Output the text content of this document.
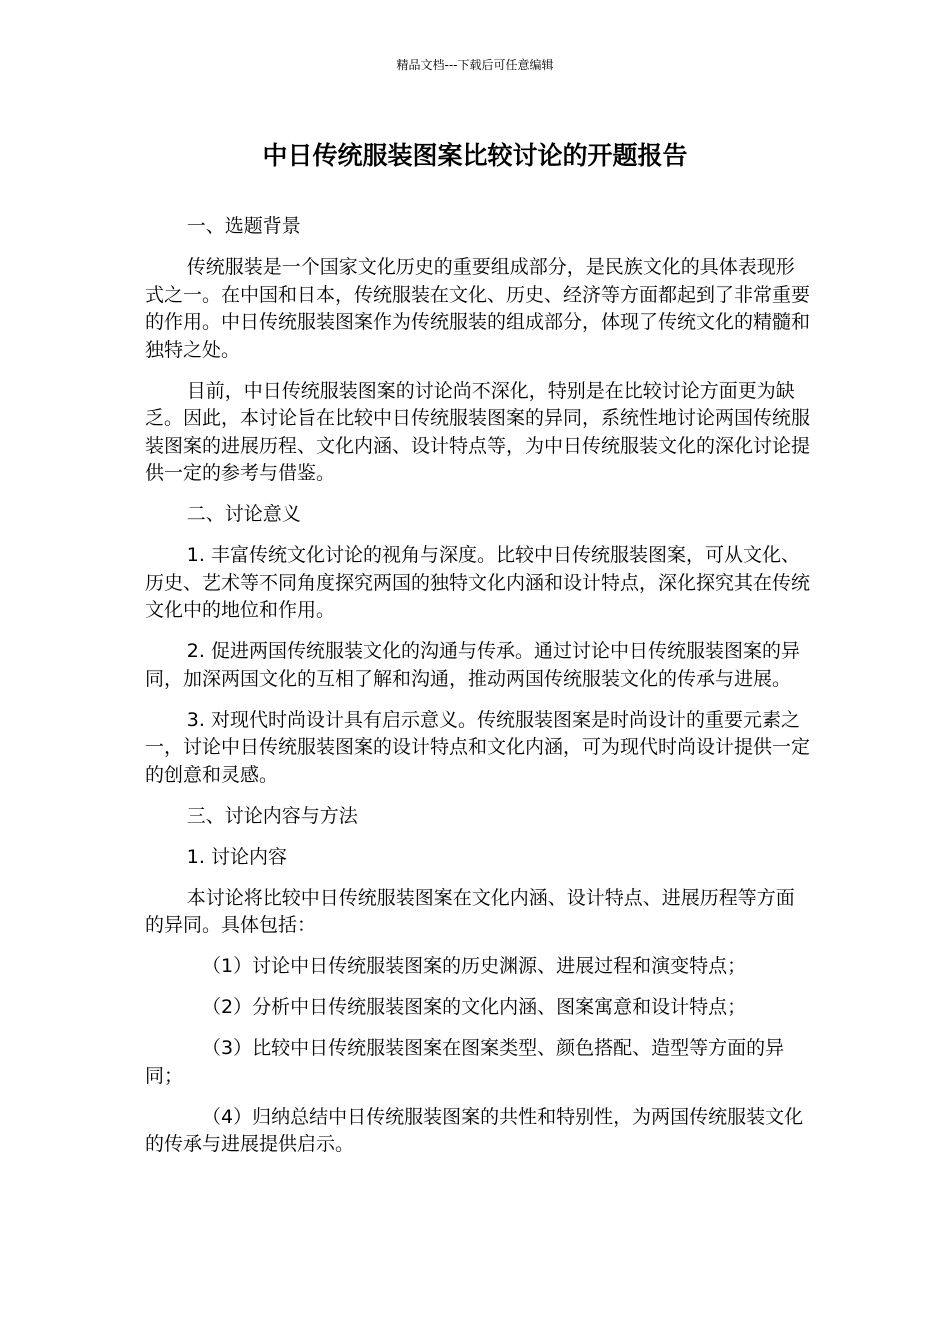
精品文档---下载后可任意编辑
中日传统服装图案比较讨论的开题报告

一、选题背景

传统服装是一个国家文化历史的重要组成部分，是民族文化的具体表现形式之一。在中国和日本，传统服装在文化、历史、经济等方面都起到了非常重要的作用。中日传统服装图案作为传统服装的组成部分，体现了传统文化的精髓和独特之处。

目前，中日传统服装图案的讨论尚不深化，特别是在比较讨论方面更为缺乏。因此，本讨论旨在比较中日传统服装图案的异同，系统性地讨论两国传统服装图案的进展历程、文化内涵、设计特点等，为中日传统服装文化的深化讨论提供一定的参考与借鉴。

二、讨论意义

1. 丰富传统文化讨论的视角与深度。比较中日传统服装图案，可从文化、历史、艺术等不同角度探究两国的独特文化内涵和设计特点，深化探究其在传统文化中的地位和作用。

2. 促进两国传统服装文化的沟通与传承。通过讨论中日传统服装图案的异同，加深两国文化的互相了解和沟通，推动两国传统服装文化的传承与进展。

3. 对现代时尚设计具有启示意义。传统服装图案是时尚设计的重要元素之一，讨论中日传统服装图案的设计特点和文化内涵，可为现代时尚设计提供一定的创意和灵感。

三、讨论内容与方法

1. 讨论内容

本讨论将比较中日传统服装图案在文化内涵、设计特点、进展历程等方面的异同。具体包括：

（1）讨论中日传统服装图案的历史渊源、进展过程和演变特点；

（2）分析中日传统服装图案的文化内涵、图案寓意和设计特点；

（3）比较中日传统服装图案在图案类型、颜色搭配、造型等方面的异同；

（4）归纳总结中日传统服装图案的共性和特别性，为两国传统服装文化的传承与进展提供启示。
